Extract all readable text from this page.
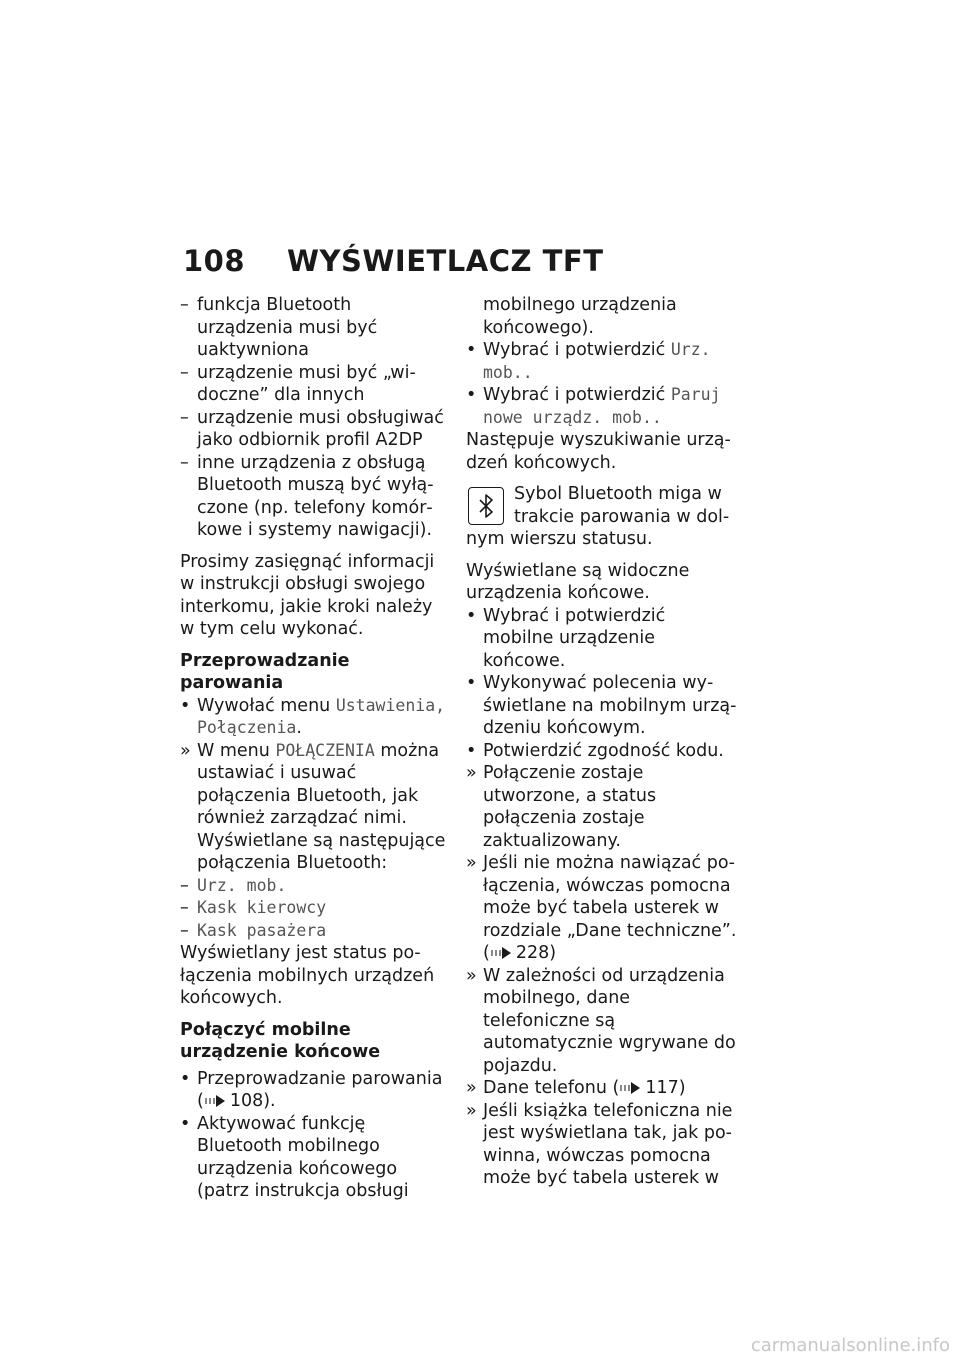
108 WYŚWIETLACZ TFT

– funkcja Bluetooth urządzenia musi być uaktywniona

– urządzenie musi być „widoczne” dla innych

– urządzenie musi obsługiwać jako odbiornik profil A2DP

– inne urządzenia z obsługą Bluetooth muszą być wyłączone (np. telefony komórkowe i systemy nawigacji).

Prosimy zasięgnąć informacji w instrukcji obsługi swojego interkomu, jakie kroki należy w tym celu wykonać.

Przeprowadzanie parowania

• Wywołać menu Ustawienia, Połączenia.

» W menu POŁĄCZENIA można ustawiać i usuwać połączenia Bluetooth, jak również zarządzać nimi. Wyświetlane są następujące połączenia Bluetooth:

– Urz. mob.

– Kask kierowcy

– Kask pasażera

Wyświetlany jest status połączenia mobilnych urządzeń końcowych.

Połączyć mobilne urządzenie końcowe

• Przeprowadzanie parowania
( 108).

• Aktywować funkcję Bluetooth mobilnego urządzenia końcowego (patrz instrukcja obsługi

mobilnego urządzenia końcowego).

• Wybrać i potwierdzić Urz. mob..

• Wybrać i potwierdzić Paruj nowe urządz. mob..

Następuje wyszukiwanie urządzeń końcowych.

Sybol Bluetooth miga w trakcie parowania w dolnym wierszu statusu.

Wyświetlane są widoczne urządzenia końcowe.

• Wybrać i potwierdzić mobilne urządzenie końcowe.

• Wykonywać polecenia wyświetlane na mobilnym urządzeniu końcowym.

• Potwierdzić zgodność kodu.

» Połączenie zostaje utworzone, a status połączenia zostaje zaktualizowany.

» Jeśli nie można nawiązać połączenia, wówczas pomocna może być tabela usterek w rozdziale „Dane techniczne”.
( 228)

» W zależności od urządzenia mobilnego, dane telefoniczne są automatycznie wgrywane do pojazdu.

» Dane telefonu ( 117)

» Jeśli książka telefoniczna nie jest wyświetlana tak, jak powinna, wówczas pomocna może być tabela usterek w

carmanualsonline.info
